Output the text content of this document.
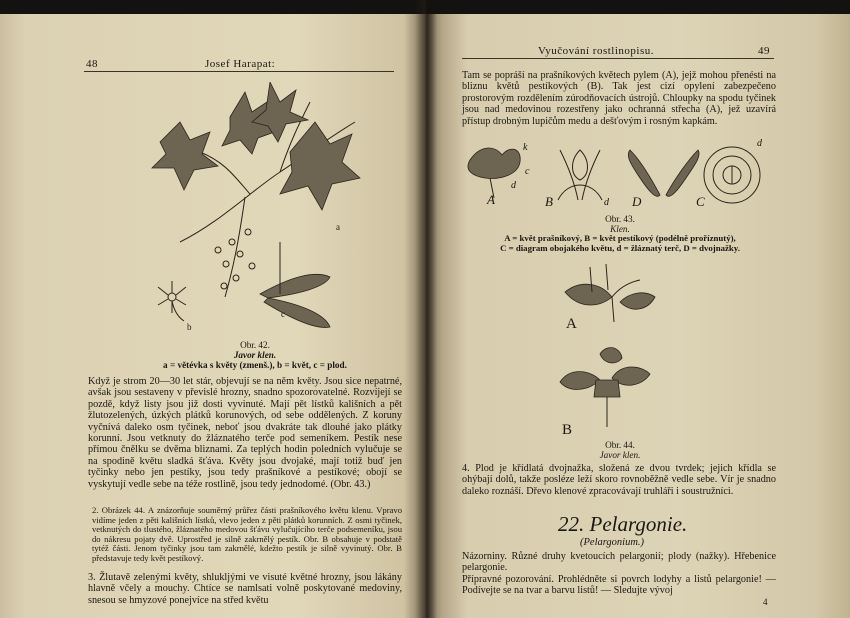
48	Josef Harapat:
b
c
a
Obr. 42.
Javor klen.
a = větévka s květy (zmenš.), b = květ, c = plod.
Když je strom 20—30 let stár, objevují se na něm květy. Jsou sice nepatrné, avšak jsou sestaveny v převislé hrozny, snadno spozorovatelné. Rozvíjejí se pozdě, když listy jsou již dosti vyvinuté. Mají pět lístků kališních a pět žlutozelených, úzkých plátků korunových, od sebe oddělených. Z koruny vyčnívá daleko osm tyčinek, neboť jsou dvakráte tak dlouhé jako plátky korunní. Jsou vetknuty do žláznatého terče pod semeníkem. Pestík nese přímou čnělku se dvěma bliznami. Za teplých hodin poledních vylučuje se na spodině květu sladká šťáva. Květy jsou dvojaké, mají totiž buď jen tyčinky nebo jen pestíky, jsou tedy prašníkové a pestíkové; obojí se vyskytují vedle sebe na téže rostlině, jsou tedy jednodomé. (Obr. 43.)
2. Obrázek 44. A znázorňuje souměrný průřez části prašníkového květu klenu. Vpravo vidíme jeden z pěti kališních lístků, vlevo jeden z pěti plátků korunních. Z osmi tyčinek, vetknutých do tlustého, žláznatého medovou šťávu vylučujícího terče podsemeníku, jsou do nákresu pojaty dvě. Uprostřed je silně zakrnělý pestík. Obr. B obsahuje v podstatě tytéž části. Jenom tyčinky jsou tam zakrnělé, kdežto pestík je silně vyvinutý. Obr. B představuje tedy květ pestíkový.
3. Žlutavě zelenými květy, shlukljými ve visuté květné hrozny, jsou lákány hlavně včely a mouchy. Chtíce se namlsati volně poskytované medoviny, snesou se hmyzové ponejvíce na střed květu
Vyučování rostlinopisu.	49
Tam se popráší na prašníkových květech pylem (A), jejž mohou přenésti na bliznu květů pestíkových (B). Tak jest cizí opylení zabezpečeno prostorovým rozdělením zúrodňovacích ústrojů. Chloupky na spodu tyčinek jsou nad medovinou rozestřeny jako ochranná střecha (A), jež uzavírá přístup drobným lupičům medu a dešťovým i rosným kapkám.
A	B	C
D
c
d
d
d
k
Obr. 43.
Klen.
A = květ prašníkový, B = květ pestíkový (podélně proříznutý),
C = diagram obojakého květu, d = žláznatý terč, D = dvojnažky.
A
B
Obr. 44.
Javor klen.
4. Plod je křídlatá dvojnažka, složená ze dvou tvrdek; jejich křídla se ohýbají dolů, takže posléze leží skoro rovnoběžně vedle sebe. Vír je snadno daleko roznáší. Dřevo klenové zpracovávají truhláři i soustružníci.
22. Pelargonie.
(Pelargonium.)
Názorniny. Různé druhy kvetoucích pelargonií; plody (nažky). Hřebenice pelargonie.
Přípravné pozorování. Prohlédněte si povrch lodyhy a listů pelargonie! — Podívejte se na tvar a barvu listů! — Sledujte vývoj
4
